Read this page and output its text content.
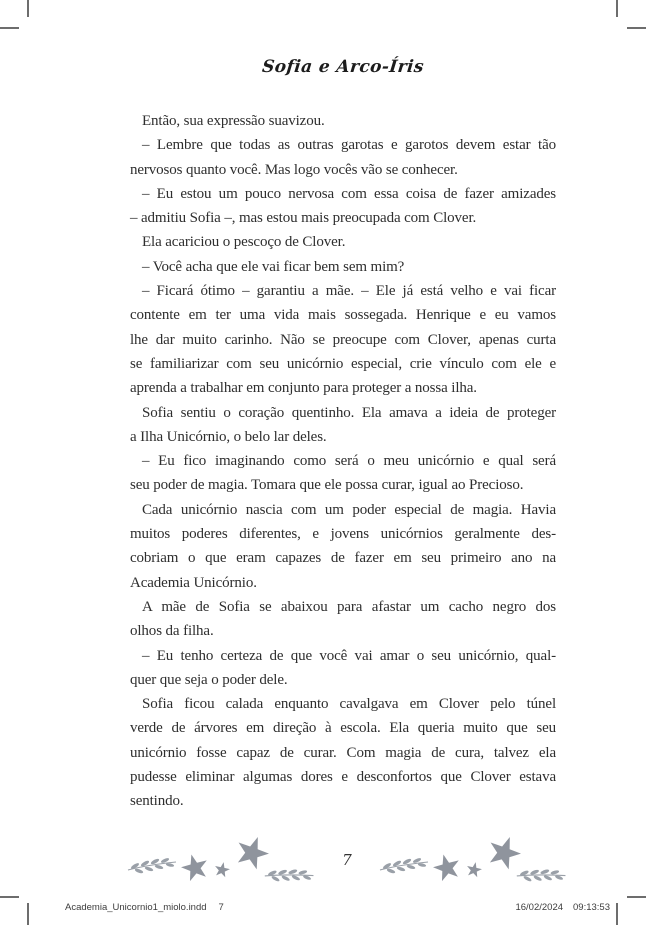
Sofia e Arco-Íris
Então, sua expressão suavizou.
– Lembre que todas as outras garotas e garotos devem estar tão
nervosos quanto você. Mas logo vocês vão se conhecer.
– Eu estou um pouco nervosa com essa coisa de fazer amizades
– admitiu Sofia –, mas estou mais preocupada com Clover.
Ela acariciou o pescoço de Clover.
– Você acha que ele vai ficar bem sem mim?
– Ficará ótimo – garantiu a mãe. – Ele já está velho e vai ficar
contente em ter uma vida mais sossegada. Henrique e eu vamos
lhe dar muito carinho. Não se preocupe com Clover, apenas curta
se familiarizar com seu unicórnio especial, crie vínculo com ele e
aprenda a trabalhar em conjunto para proteger a nossa ilha.
Sofia sentiu o coração quentinho. Ela amava a ideia de proteger
a Ilha Unicórnio, o belo lar deles.
– Eu fico imaginando como será o meu unicórnio e qual será
seu poder de magia. Tomara que ele possa curar, igual ao Precioso.
Cada unicórnio nascia com um poder especial de magia. Havia
muitos poderes diferentes, e jovens unicórnios geralmente des-
cobriam o que eram capazes de fazer em seu primeiro ano na
Academia Unicórnio.
A mãe de Sofia se abaixou para afastar um cacho negro dos
olhos da filha.
– Eu tenho certeza de que você vai amar o seu unicórnio, qual-
quer que seja o poder dele.
Sofia ficou calada enquanto cavalgava em Clover pelo túnel
verde de árvores em direção à escola. Ela queria muito que seu
unicórnio fosse capaz de curar. Com magia de cura, talvez ela
pudesse eliminar algumas dores e desconfortos que Clover estava
sentindo.
7
Academia_Unicornio1_miolo.indd 7	16/02/2024 09:13:53
